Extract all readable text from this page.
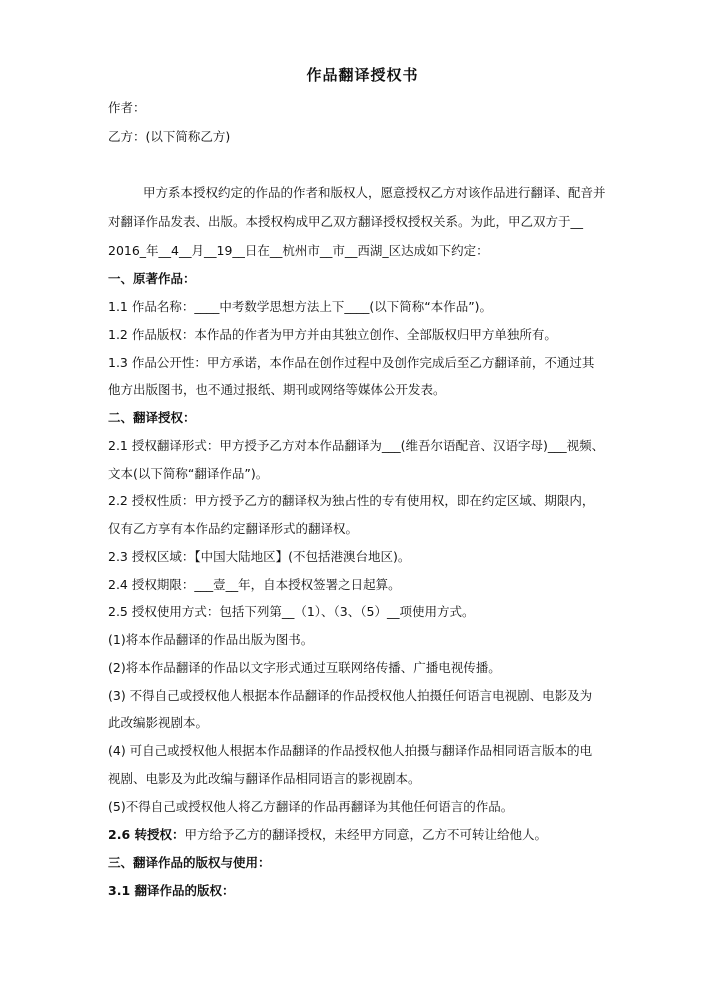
作品翻译授权书
作者：
乙方：(以下简称乙方)
甲方系本授权约定的作品的作者和版权人，愿意授权乙方对该作品进行翻译、配音并
对翻译作品发表、出版。本授权构成甲乙双方翻译授权授权关系。为此，甲乙双方于__
2016_年__4__月__19__日在__杭州市__市__西湖_区达成如下约定：
一、原著作品：
1.1 作品名称：____中考数学思想方法上下____(以下简称“本作品”)。
1.2 作品版权：本作品的作者为甲方并由其独立创作、全部版权归甲方单独所有。
1.3 作品公开性：甲方承诺，本作品在创作过程中及创作完成后至乙方翻译前，不通过其
他方出版图书，也不通过报纸、期刊或网络等媒体公开发表。
二、翻译授权：
2.1 授权翻译形式：甲方授予乙方对本作品翻译为___(维吾尔语配音、汉语字母)___视频、
文本(以下简称“翻译作品”)。
2.2 授权性质：甲方授予乙方的翻译权为独占性的专有使用权，即在约定区域、期限内，
仅有乙方享有本作品约定翻译形式的翻译权。
2.3 授权区域：【中国大陆地区】(不包括港澳台地区)。
2.4 授权期限：___壹__年，自本授权签署之日起算。
2.5 授权使用方式：包括下列第__（1）、（3、（5）__项使用方式。
(1)将本作品翻译的作品出版为图书。
(2)将本作品翻译的作品以文字形式通过互联网络传播、广播电视传播。
(3) 不得自己或授权他人根据本作品翻译的作品授权他人拍摄任何语言电视剧、电影及为
此改编影视剧本。
(4) 可自己或授权他人根据本作品翻译的作品授权他人拍摄与翻译作品相同语言版本的电
视剧、电影及为此改编与翻译作品相同语言的影视剧本。
(5)不得自己或授权他人将乙方翻译的作品再翻译为其他任何语言的作品。
2.6 转授权：甲方给予乙方的翻译授权，未经甲方同意，乙方不可转让给他人。
三、翻译作品的版权与使用：
3.1 翻译作品的版权：
